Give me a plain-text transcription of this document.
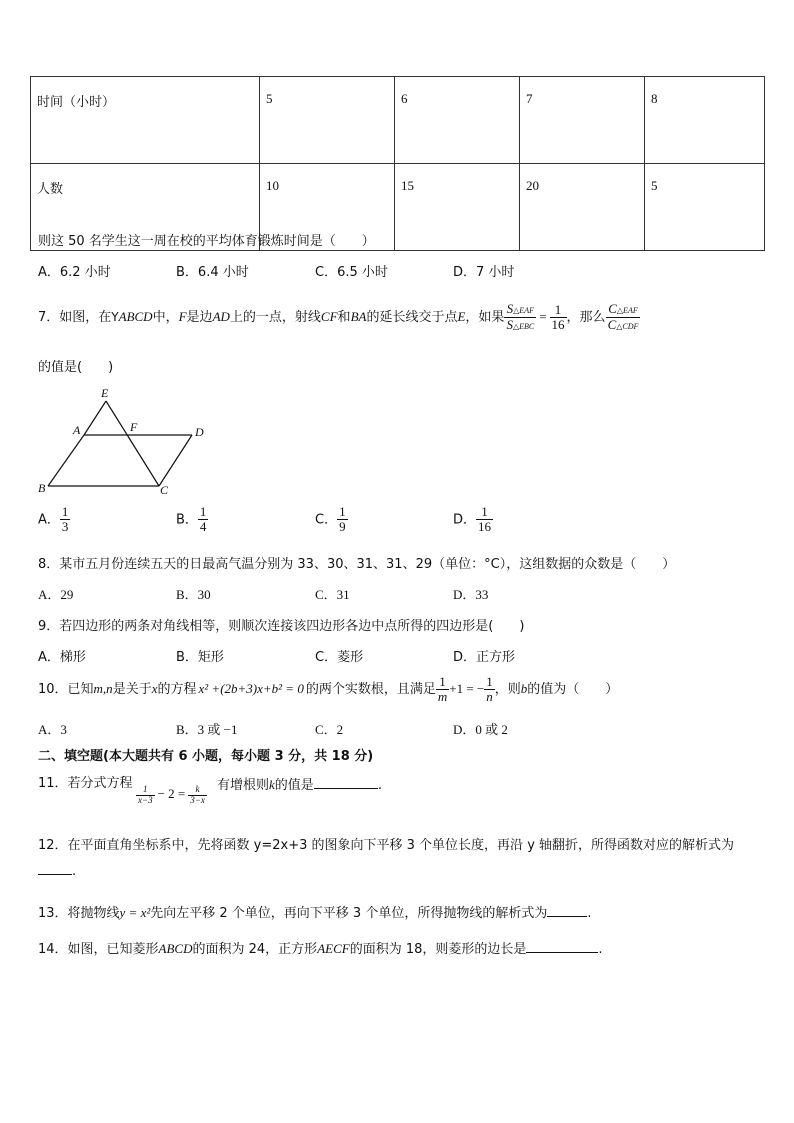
时间（小时）	5	6	7	8
人数	10	15	20	5
则这 50 名学生这一周在校的平均体育锻炼时间是（　　）
A．6.2 小时	B．6.4 小时	C．6.5 小时	D．7 小时
7．如图，在YABCD中，F是边AD上的一点，射线CF和BA的延长线交于点E，如果 $\frac{\text{S△EAF}}{\text{S△EBC}} = \frac{1}{16}$ ，那么 $\frac{\text{C△EAF}}{\text{C△CDF}}$
的值是(　　)
E
A	F	D
B	C
A． $\frac{1}{3}$	B． $\frac{1}{4}$	C． $\frac{1}{9}$	D． $\frac{1}{16}$
8．某市五月份连续五天的日最高气温分别为 33、30、31、31、29（单位：°C），这组数据的众数是（　　）
A．29	B．30	C．31	D．33
9．若四边形的两条对角线相等，则顺次连接该四边形各边中点所得的四边形是(　　)
A．梯形	B．矩形	C．菱形	D．正方形
10．已知m,n是关于x的方程 x² +(2b+3)x+b² = 0 的两个实数根，且满足 $\frac{1}{m} +1$ = − $\frac{1}{n}$ ，则b的值为（　　）
A．3	B．3 或 −1	C．2	D．0 或 2
二、填空题(本大题共有 6 小题，每小题 3 分，共 18 分)
11．若分式方程
$\frac{1}{x-3} - 2 = \frac{k}{3-x}$ 有增根则k的值是	.
12．在平面直角坐标系中，先将函数 y=2x+3 的图象向下平移 3 个单位长度，再沿 y 轴翻折，所得函数对应的解析式为
.
13．将抛物线y = x²先向左平移 2 个单位，再向下平移 3 个单位，所得抛物线的解析式为	.
14．如图，已知菱形ABCD的面积为 24，正方形AECF的面积为 18，则菱形的边长是	.
